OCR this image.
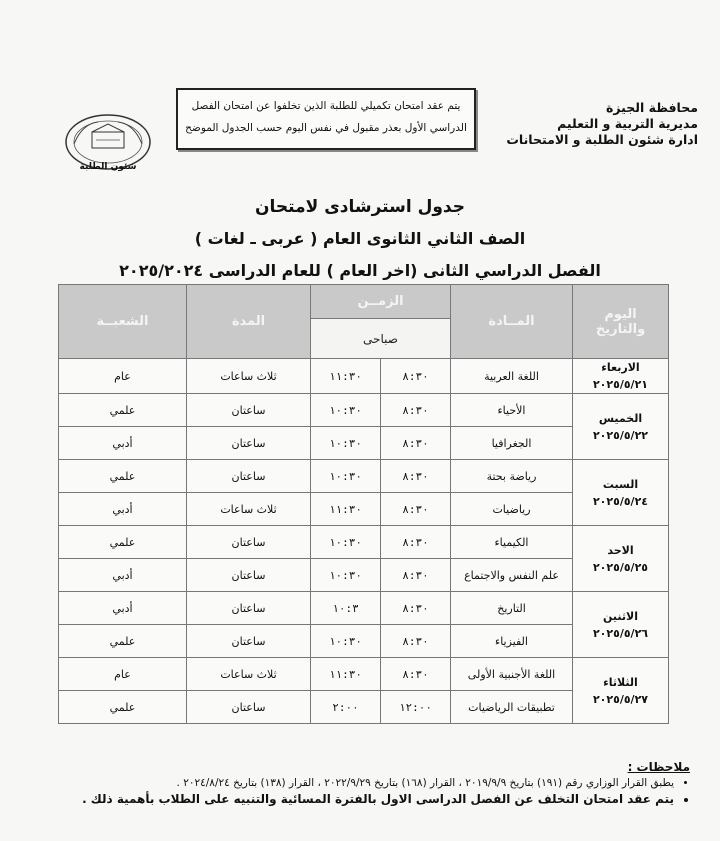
محافظة الجيزة
مديرية التربية و التعليم
ادارة شئون الطلبة و الامتحانات
يتم عقد امتحان تكميلي للطلبة الذين تخلفوا عن امتحان الفصل
الدراسي الأول بعذر مقبول في نفس اليوم حسب الجدول الموضح
شئون الطلبة
جدول استرشادى لامتحان
الصف الثاني الثانوى العام ( عربى ـ لغات )
الفصل الدراسي الثانى (اخر العام ) للعام الدراسى ٢٠٢٥/٢٠٢٤
اليوم
والتاريخ	المــادة	الزمــن		المدة	الشعبــة
		صباحى			

الاربعاء
٢٠٢٥/٥/٢١	اللغة العربية	٨:٣٠	١١:٣٠	ثلاث ساعات	عام

الخميس
٢٠٢٥/٥/٢٢	الأحياء	٨:٣٠	١٠:٣٠	ساعتان	علمي
	الجغرافيا	٨:٣٠	١٠:٣٠	ساعتان	أدبي

السبت
٢٠٢٥/٥/٢٤	رياضة بحتة	٨:٣٠	١٠:٣٠	ساعتان	علمي
	رياضيات	٨:٣٠	١١:٣٠	ثلاث ساعات	أدبي

الاحد
٢٠٢٥/٥/٢٥	الكيمياء	٨:٣٠	١٠:٣٠	ساعتان	علمي
	علم النفس والاجتماع	٨:٣٠	١٠:٣٠	ساعتان	أدبي

الاثنين
٢٠٢٥/٥/٢٦	التاريخ	٨:٣٠	١٠:٣	ساعتان	أدبي
	الفيزياء	٨:٣٠	١٠:٣٠	ساعتان	علمي

الثلاثاء
٢٠٢٥/٥/٢٧	اللغة الأجنبية الأولى	٨:٣٠	١١:٣٠	ثلاث ساعات	عام
	تطبيقات الرياضيات	١٢:٠٠	٢:٠٠	ساعتان	علمي
ملاحظات :
• يطبق القرار الوزاري رقم (١٩١) بتاريخ ٢٠١٩/٩/٩ ، القرار (١٦٨) بتاريخ ٢٠٢٢/٩/٢٩ ، القرار (١٣٨) بتاريخ ٢٠٢٤/٨/٢٤ .
• يتم عقد امتحان التخلف عن الفصل الدراسى الاول بالفترة المسائية والتنبيه على الطلاب بأهمية ذلك .
